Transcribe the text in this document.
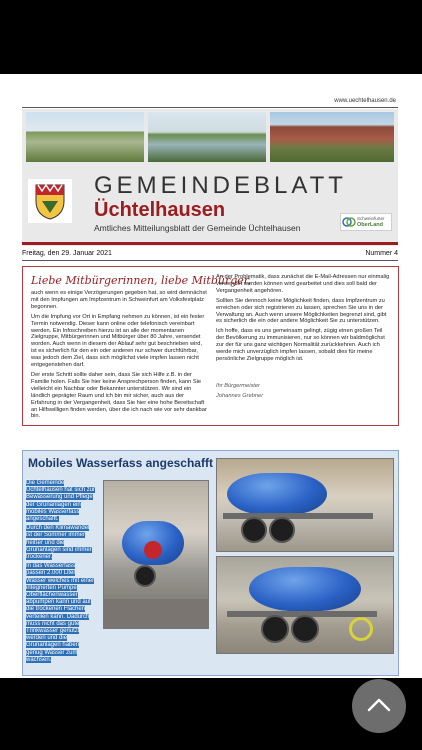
www.uechtelhausen.de
GEMEINDEBLATT
Üchtelhausen
Amtliches Mitteilungsblatt der Gemeinde Üchtelhausen
Schweinfurter
OberLand
Freitag, den 29. Januar 2021	Nummer 4
Liebe Mitbürgerinnen, liebe Mitbürger,

auch wenn es einige Verzögerungen gegeben hat, so wird demnächst mit den Impfungen am Impfzentrum in Schweinfurt am Volksfestplatz begonnen.

Um die Impfung vor Ort in Empfang nehmen zu können, ist ein fester Termin notwendig. Dieser kann online oder telefonisch vereinbart werden. Ein Infoschreiben hierzu ist an alle der momentanen Zielgruppe, Mitbürgerinnen und Mitbürger über 80 Jahre, versendet worden. Auch wenn in diesem der Ablauf sehr gut beschrieben wird, ist es sicherlich für den ein oder anderen nur schwer durchführbar, was jedoch dem Ziel, dass sich möglichst viele impfen lassen nicht entgegenstehen darf.

Der erste Schritt sollte daher sein, dass Sie sich Hilfe z.B. in der Familie holen. Falls Sie hier keine Ansprechperson finden, kann Sie vielleicht ein Nachbar oder Bekannter unterstützen. Wir sind ein ländlich geprägter Raum und ich bin mir sicher, auch aus der Erfahrung in der Vergangenheit, dass Sie hier eine hohe Bereitschaft an Hilfswilligen finden werden, über die ich nach wie vor sehr dankbar bin.

An der Problematik, dass zunächst die E-Mail-Adressen nur einmalig verwendet werden können wird gearbeitet und dies soll bald der Vergangenheit angehören.

Sollten Sie dennoch keine Möglichkeit finden, dass Impfzentrum zu erreichen oder sich registrieren zu lassen, sprechen Sie uns in der Verwaltung an. Auch wenn unsere Möglichkeiten begrenzt sind, gibt es sicherlich die ein oder andere Möglichkeit Sie zu unterstützen.

Ich hoffe, dass es uns gemeinsam gelingt, zügig einen großen Teil der Bevölkerung zu immunisieren, nur so können wir baldmöglichst zur der für uns ganz wichtigen Normalität zurückkehren. Auch ich werde mich unverzüglich impfen lassen, sobald dies für meine persönliche Zielgruppe möglich ist.

Ihr Bürgermeister

Johannes Grebner

Mobiles Wasserfass angeschafft
Die Gemeinde Üchtelhausen hat sich zur Bewässerung und Pflege der Grünanlagen ein mobiles Wasserfass angeschafft.
Durch den Klimawandel ist der Sommer immer heißer und die Grünanlagen sind immer trockener.
In das Wasserfass passen 2.000 Liter Wasser welches mit einer integrierten Pumpe Oberflächenwasser abpumpen kann und auf die trockenen Flächen verteilen kann. Dadurch muss nicht das gute Trinkwasser genutzt werden und die Grünanlagen haben genug Wasser zum wachsen.
